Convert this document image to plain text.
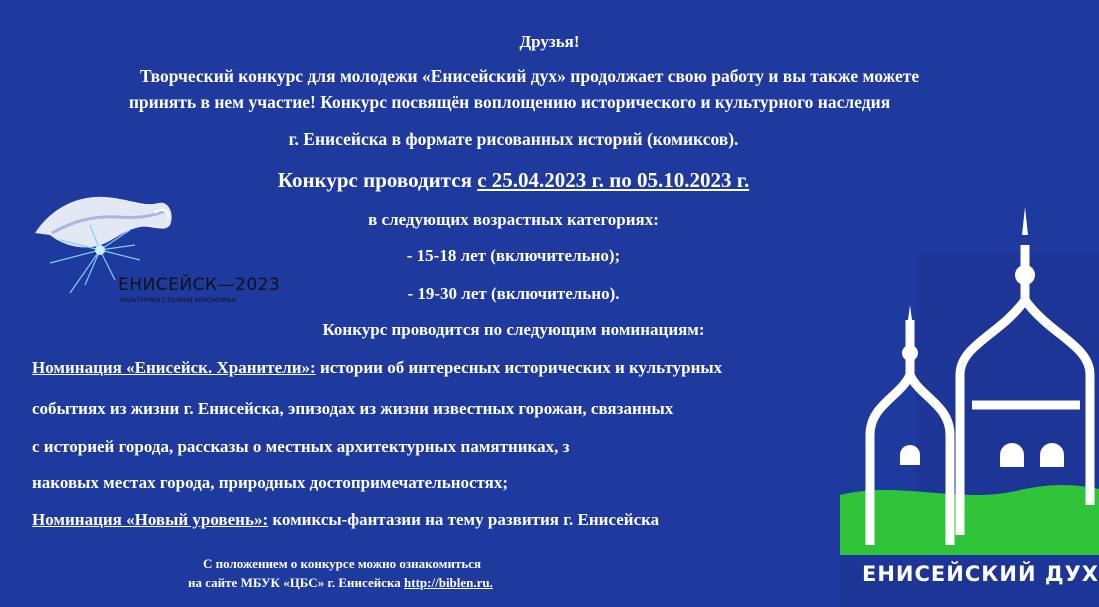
Друзья!
Творческий конкурс для молодежи «Енисейский дух» продолжает свою работу и вы также можете
принять в нем участие! Конкурс посвящён воплощению исторического и культурного наследия
г. Енисейска в формате рисованных историй (комиксов).
Конкурс проводится с 25.04.2023 г. по 05.10.2023 г.
в следующих возрастных категориях:
- 15-18 лет (включительно);
- 19-30 лет (включительно).
Конкурс проводится по следующим номинациям:
Номинация «Енисейск. Хранители»: истории об интересных исторических и культурных
событиях из жизни г. Енисейска, эпизодах из жизни известных горожан, связанных
с историей города, рассказы о местных архитектурных памятниках, з
наковых местах города, природных достопримечательностях;
Номинация «Новый уровень»: комиксы-фантазии на тему развития г. Енисейска
С положением о конкурсе можно ознакомиться
на сайте МБУК «ЦБС» г. Енисейска http://biblen.ru.
ЕНИСЕЙСК—2023
КУЛЬТУРНАЯ СТОЛИЦА КРАСНОЯРЬЯ
ЕНИСЕЙСКИЙ ДУХ
